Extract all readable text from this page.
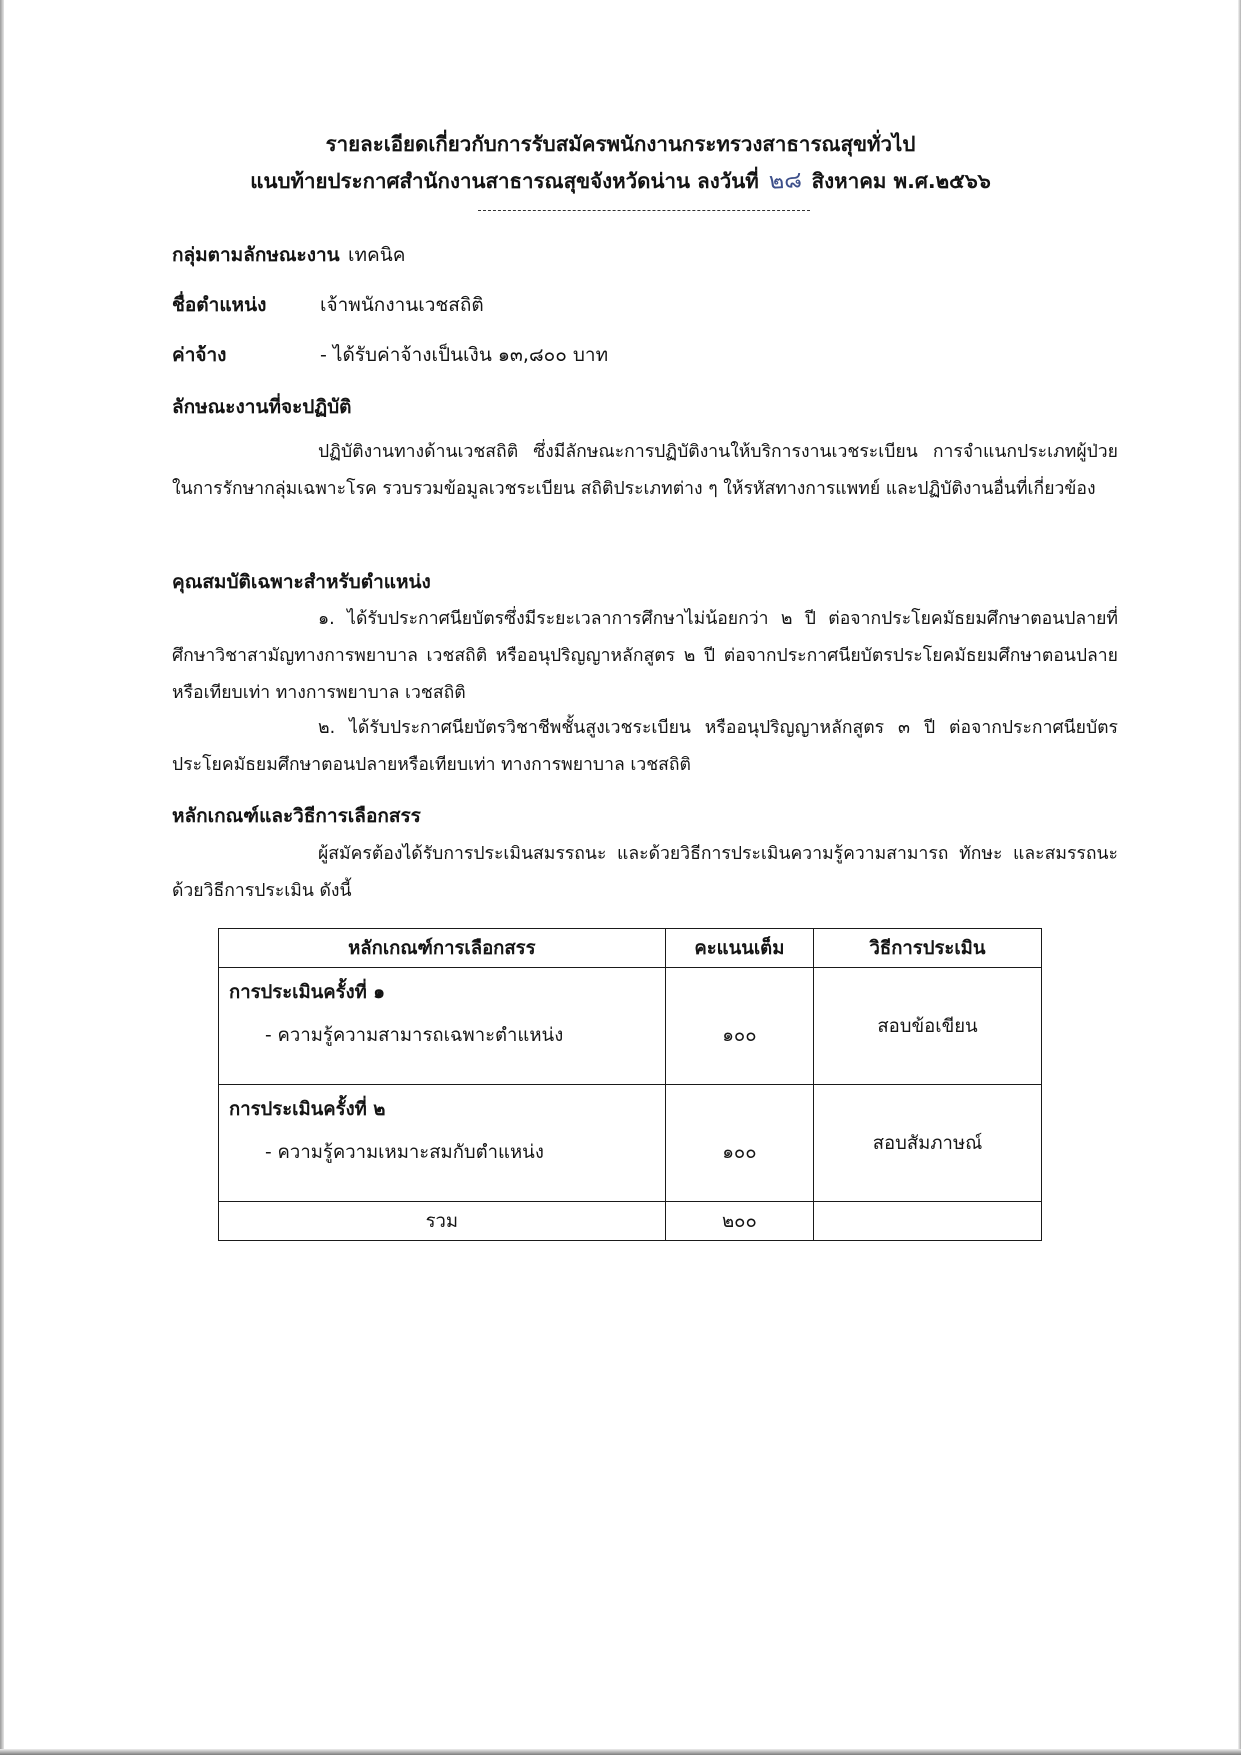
รายละเอียดเกี่ยวกับการรับสมัครพนักงานกระทรวงสาธารณสุขทั่วไป
แนบท้ายประกาศสำนักงานสาธารณสุขจังหวัดน่าน ลงวันที่ ๒๘ สิงหาคม พ.ศ.๒๕๖๖
กลุ่มตามลักษณะงาน เทคนิค
ชื่อตำแหน่ง	เจ้าพนักงานเวชสถิติ
ค่าจ้าง	- ได้รับค่าจ้างเป็นเงิน ๑๓,๘๐๐ บาท
ลักษณะงานที่จะปฏิบัติ
ปฏิบัติงานทางด้านเวชสถิติ ซึ่งมีลักษณะการปฏิบัติงานให้บริการงานเวชระเบียน การจำแนกประเภทผู้ป่วยในการรักษากลุ่มเฉพาะโรค รวบรวมข้อมูลเวชระเบียน สถิติประเภทต่าง ๆ ให้รหัสทางการแพทย์ และปฏิบัติงานอื่นที่เกี่ยวข้อง
คุณสมบัติเฉพาะสำหรับตำแหน่ง
๑. ได้รับประกาศนียบัตรซึ่งมีระยะเวลาการศึกษาไม่น้อยกว่า ๒ ปี ต่อจากประโยคมัธยมศึกษาตอนปลายที่ศึกษาวิชาสามัญทางการพยาบาล เวชสถิติ หรืออนุปริญญาหลักสูตร ๒ ปี ต่อจากประกาศนียบัตรประโยคมัธยมศึกษาตอนปลายหรือเทียบเท่า ทางการพยาบาล เวชสถิติ
๒. ได้รับประกาศนียบัตรวิชาชีพชั้นสูงเวชระเบียน หรืออนุปริญญาหลักสูตร ๓ ปี ต่อจากประกาศนียบัตรประโยคมัธยมศึกษาตอนปลายหรือเทียบเท่า ทางการพยาบาล เวชสถิติ
หลักเกณฑ์และวิธีการเลือกสรร
ผู้สมัครต้องได้รับการประเมินสมรรถนะ และด้วยวิธีการประเมินความรู้ความสามารถ ทักษะ และสมรรถนะ ด้วยวิธีการประเมิน ดังนี้
หลักเกณฑ์การเลือกสรร	คะแนนเต็ม	วิธีการประเมิน

การประเมินครั้งที่ ๑
- ความรู้ความสามารถเฉพาะตำแหน่ง	๑๐๐	สอบข้อเขียน

การประเมินครั้งที่ ๒
- ความรู้ความเหมาะสมกับตำแหน่ง	๑๐๐	สอบสัมภาษณ์
รวม	๒๐๐	
